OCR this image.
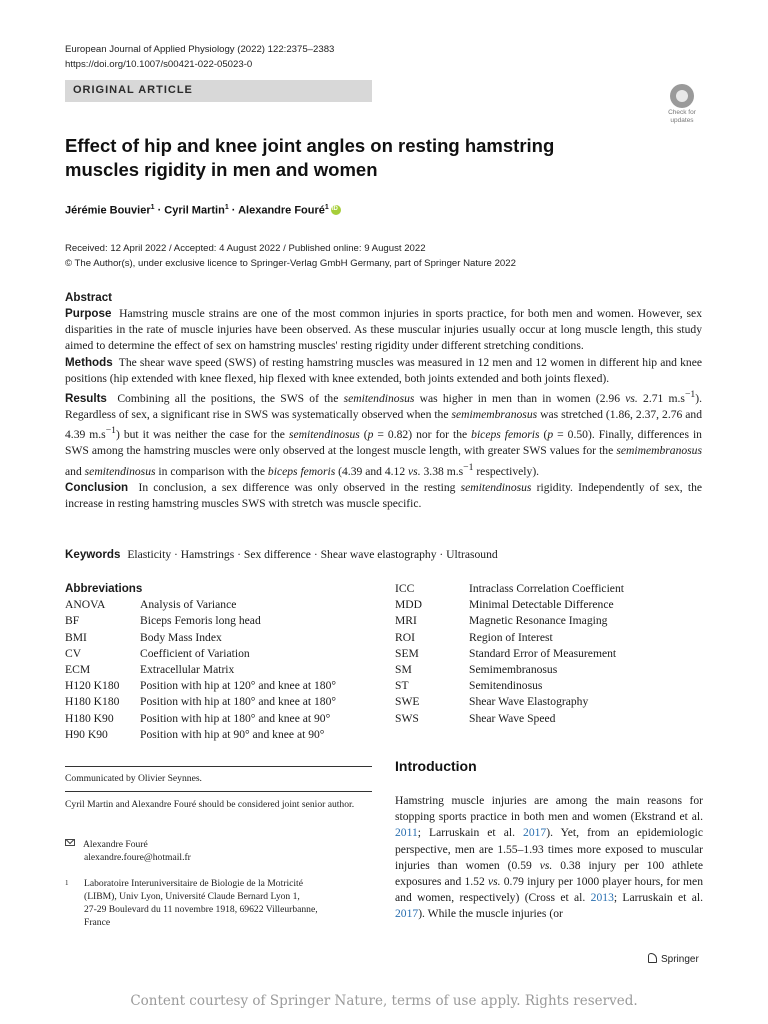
European Journal of Applied Physiology (2022) 122:2375–2383
https://doi.org/10.1007/s00421-022-05023-0
ORIGINAL ARTICLE
Check for
updates
Effect of hip and knee joint angles on resting hamstring muscles rigidity in men and women
Jérémie Bouvier$^1$ · Cyril Martin$^1$ · Alexandre Fouré$^1$iD
Received: 12 April 2022 / Accepted: 4 August 2022 / Published online: 9 August 2022
© The Author(s), under exclusive licence to Springer-Verlag GmbH Germany, part of Springer Nature 2022
Abstract

Purpose Hamstring muscle strains are one of the most common injuries in sports practice, for both men and women. However, sex disparities in the rate of muscle injuries have been observed. As these muscular injuries usually occur at long muscle length, this study aimed to determine the effect of sex on hamstring muscles' resting rigidity under different stretching conditions.

Methods The shear wave speed (SWS) of resting hamstring muscles was measured in 12 men and 12 women in different hip and knee positions (hip extended with knee flexed, hip flexed with knee extended, both joints extended and both joints flexed).

Results Combining all the positions, the SWS of the semitendinosus was higher in men than in women (2.96 vs. 2.71 $m.s^{-1}$). Regardless of sex, a significant rise in SWS was systematically observed when the semimembranosus was stretched (1.86, 2.37, 2.76 and 4.39 $m.s^{-1}$) but it was neither the case for the semitendinosus (p = 0.82) nor for the biceps femoris (p = 0.50). Finally, differences in SWS among the hamstring muscles were only observed at the longest muscle length, with greater SWS values for the semimembranosus and semitendinosus in comparison with the biceps femoris (4.39 and 4.12 vs. 3.38 $m.s^{-1}$ respectively).

Conclusion In conclusion, a sex difference was only observed in the resting semitendinosus rigidity. Independently of sex, the increase in resting hamstring muscles SWS with stretch was muscle specific.

Keywords Elasticity · Hamstrings · Sex difference · Shear wave elastography · Ultrasound
Abbreviations
ANOVA	Analysis of Variance
BF	Biceps Femoris long head
BMI	Body Mass Index
CV	Coefficient of Variation
ECM	Extracellular Matrix
H120 K180	Position with hip at 120° and knee at 180°
H180 K180	Position with hip at 180° and knee at 180°
H180 K90	Position with hip at 180° and knee at 90°
H90 K90	Position with hip at 90° and knee at 90°
ICC	Intraclass Correlation Coefficient
MDD	Minimal Detectable Difference
MRI	Magnetic Resonance Imaging
ROI	Region of Interest
SEM	Standard Error of Measurement
SM	Semimembranosus
ST	Semitendinosus
SWE	Shear Wave Elastography
SWS	Shear Wave Speed
Communicated by Olivier Seynnes.
Cyril Martin and Alexandre Fouré should be considered joint senior author.
Alexandre Fouré
alexandre.foure@hotmail.fr
1	Laboratoire Interuniversitaire de Biologie de la Motricité
(LIBM), Univ Lyon, Université Claude Bernard Lyon 1,
27-29 Boulevard du 11 novembre 1918, 69622 Villeurbanne,
France
Introduction
Hamstring muscle injuries are among the main reasons for stopping sports practice in both men and women (Ekstrand et al. 2011; Larruskain et al. 2017). Yet, from an epidemiologic perspective, men are 1.55–1.93 times more exposed to muscular injuries than women (0.59 vs. 0.38 injury per 100 athlete exposures and 1.52 vs. 0.79 injury per 1000 player hours, for men and women, respectively) (Cross et al. 2013; Larruskain et al. 2017). While the muscle injuries (or
Springer
Content courtesy of Springer Nature, terms of use apply. Rights reserved.
